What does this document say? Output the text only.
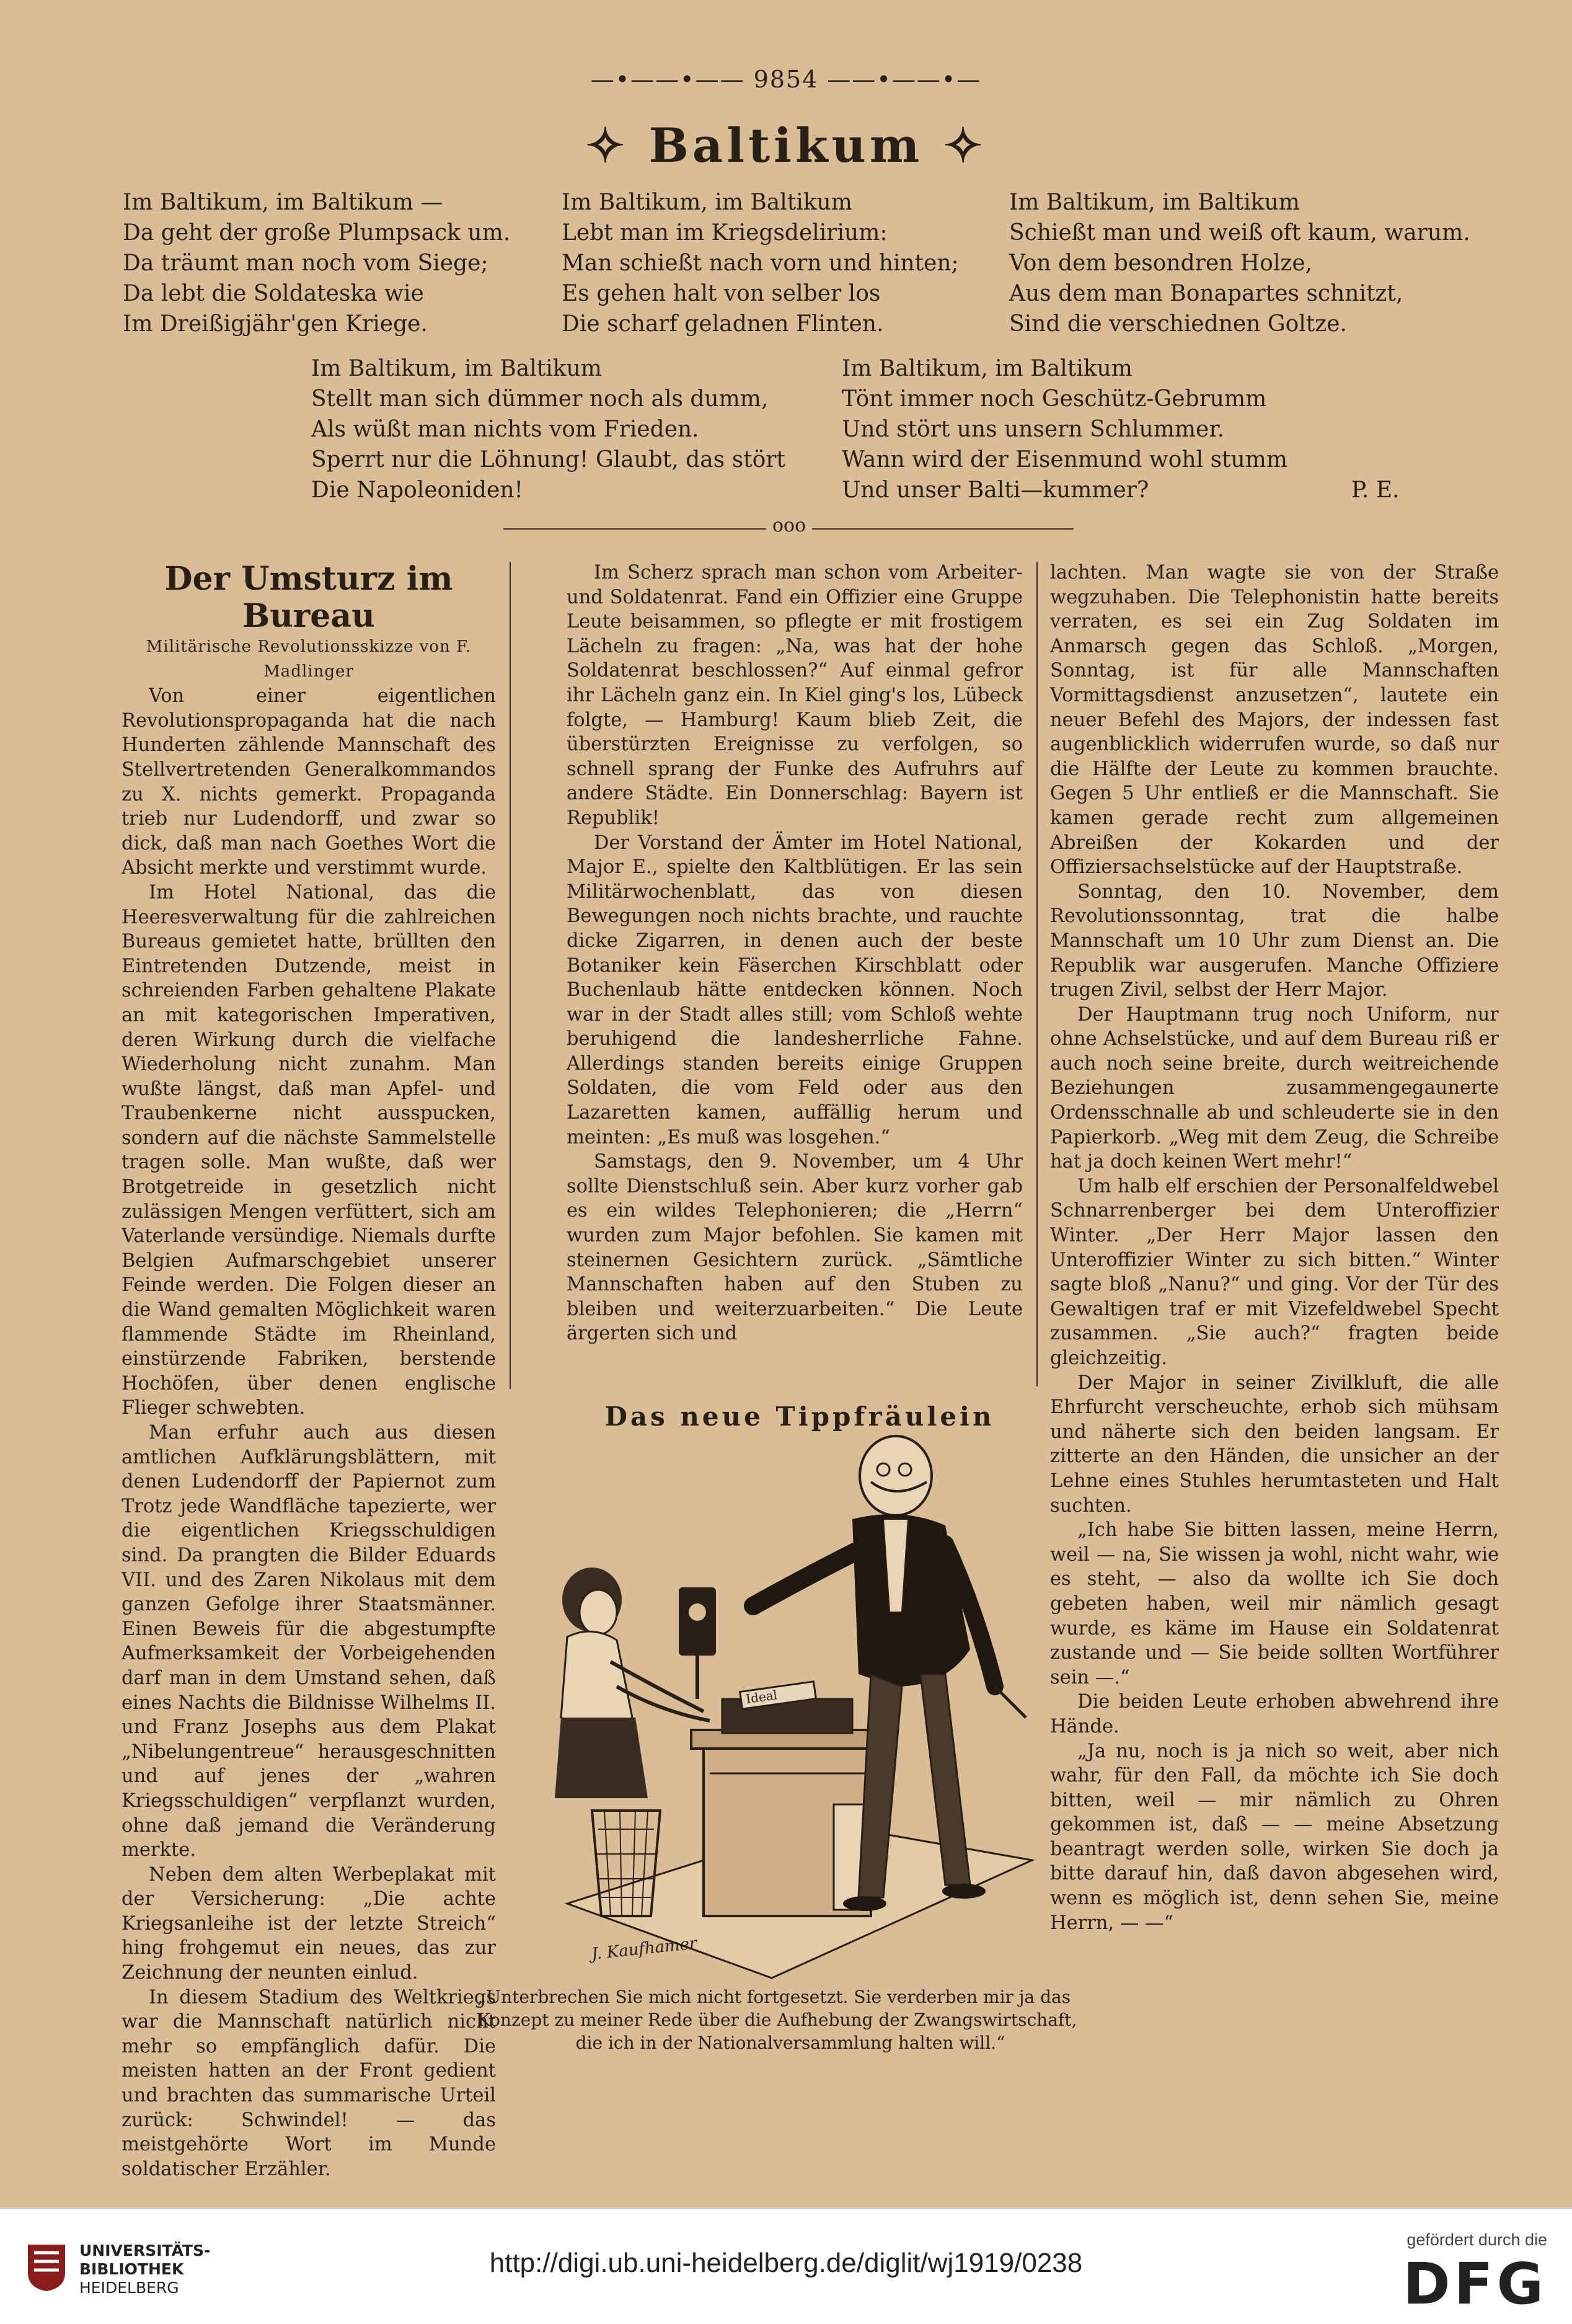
—•——•—— 9854 ——•——•—
✧ Baltikum ✧
Im Baltikum, im Baltikum —
Da geht der große Plumpsack um.
Da träumt man noch vom Siege;
Da lebt die Soldateska wie
Im Dreißigjähr'gen Kriege.
Im Baltikum, im Baltikum
Lebt man im Kriegsdelirium:
Man schießt nach vorn und hinten;
Es gehen halt von selber los
Die scharf geladnen Flinten.
Im Baltikum, im Baltikum
Schießt man und weiß oft kaum, warum.
Von dem besondren Holze,
Aus dem man Bonapartes schnitzt,
Sind die verschiednen Goltze.
Im Baltikum, im Baltikum
Stellt man sich dümmer noch als dumm,
Als wüßt man nichts vom Frieden.
Sperrt nur die Löhnung! Glaubt, das stört
Die Napoleoniden!
Im Baltikum, im Baltikum
Tönt immer noch Geschütz-Gebrumm
Und stört uns unsern Schlummer.
Wann wird der Eisenmund wohl stumm
Und unser Balti—kummer?	P. E.
ooo

Der Umsturz im Bureau

Militärische Revolutionsskizze von F. Madlinger

Von einer eigentlichen Revolutionspropaganda hat die nach Hunderten zählende Mannschaft des Stellvertretenden Generalkommandos zu X. nichts gemerkt. Propaganda trieb nur Ludendorff, und zwar so dick, daß man nach Goethes Wort die Absicht merkte und verstimmt wurde.

Im Hotel National, das die Heeresverwaltung für die zahlreichen Bureaus gemietet hatte, brüllten den Eintretenden Dutzende, meist in schreienden Farben gehaltene Plakate an mit kategorischen Imperativen, deren Wirkung durch die vielfache Wiederholung nicht zunahm. Man wußte längst, daß man Apfel- und Traubenkerne nicht ausspucken, sondern auf die nächste Sammelstelle tragen solle. Man wußte, daß wer Brotgetreide in gesetzlich nicht zulässigen Mengen verfüttert, sich am Vaterlande versündige. Niemals durfte Belgien Aufmarschgebiet unserer Feinde werden. Die Folgen dieser an die Wand gemalten Möglichkeit waren flammende Städte im Rheinland, einstürzende Fabriken, berstende Hochöfen, über denen englische Flieger schwebten.

Man erfuhr auch aus diesen amtlichen Aufklärungsblättern, mit denen Ludendorff der Papiernot zum Trotz jede Wandfläche tapezierte, wer die eigentlichen Kriegsschuldigen sind. Da prangten die Bilder Eduards VII. und des Zaren Nikolaus mit dem ganzen Gefolge ihrer Staatsmänner. Einen Beweis für die abgestumpfte Aufmerksamkeit der Vorbeigehenden darf man in dem Umstand sehen, daß eines Nachts die Bildnisse Wilhelms II. und Franz Josephs aus dem Plakat „Nibelungentreue“ herausgeschnitten und auf jenes der „wahren Kriegsschuldigen“ verpflanzt wurden, ohne daß jemand die Veränderung merkte.

Neben dem alten Werbeplakat mit der Versicherung: „Die achte Kriegsanleihe ist der letzte Streich“ hing frohgemut ein neues, das zur Zeichnung der neunten einlud.

In diesem Stadium des Weltkriegs war die Mannschaft natürlich nicht mehr so empfänglich dafür. Die meisten hatten an der Front gedient und brachten das summarische Urteil zurück: Schwindel! — das meistgehörte Wort im Munde soldatischer Erzähler.

Im Scherz sprach man schon vom Arbeiter- und Soldatenrat. Fand ein Offizier eine Gruppe Leute beisammen, so pflegte er mit frostigem Lächeln zu fragen: „Na, was hat der hohe Soldatenrat beschlossen?“ Auf einmal gefror ihr Lächeln ganz ein. In Kiel ging's los, Lübeck folgte, — Hamburg! Kaum blieb Zeit, die überstürzten Ereignisse zu verfolgen, so schnell sprang der Funke des Aufruhrs auf andere Städte. Ein Donnerschlag: Bayern ist Republik!

Der Vorstand der Ämter im Hotel National, Major E., spielte den Kaltblütigen. Er las sein Militärwochenblatt, das von diesen Bewegungen noch nichts brachte, und rauchte dicke Zigarren, in denen auch der beste Botaniker kein Fäserchen Kirschblatt oder Buchenlaub hätte entdecken können. Noch war in der Stadt alles still; vom Schloß wehte beruhigend die landesherrliche Fahne. Allerdings standen bereits einige Gruppen Soldaten, die vom Feld oder aus den Lazaretten kamen, auffällig herum und meinten: „Es muß was losgehen.“

Samstags, den 9. November, um 4 Uhr sollte Dienstschluß sein. Aber kurz vorher gab es ein wildes Telephonieren; die „Herrn“ wurden zum Major befohlen. Sie kamen mit steinernen Gesichtern zurück. „Sämtliche Mannschaften haben auf den Stuben zu bleiben und weiterzuarbeiten.“ Die Leute ärgerten sich und

lachten. Man wagte sie von der Straße wegzuhaben. Die Telephonistin hatte bereits verraten, es sei ein Zug Soldaten im Anmarsch gegen das Schloß. „Morgen, Sonntag, ist für alle Mannschaften Vormittagsdienst anzusetzen“, lautete ein neuer Befehl des Majors, der indessen fast augenblicklich widerrufen wurde, so daß nur die Hälfte der Leute zu kommen brauchte. Gegen 5 Uhr entließ er die Mannschaft. Sie kamen gerade recht zum allgemeinen Abreißen der Kokarden und der Offiziersachselstücke auf der Hauptstraße.

Sonntag, den 10. November, dem Revolutionssonntag, trat die halbe Mannschaft um 10 Uhr zum Dienst an. Die Republik war ausgerufen. Manche Offiziere trugen Zivil, selbst der Herr Major.

Der Hauptmann trug noch Uniform, nur ohne Achselstücke, und auf dem Bureau riß er auch noch seine breite, durch weitreichende Beziehungen zusammengegaunerte Ordensschnalle ab und schleuderte sie in den Papierkorb. „Weg mit dem Zeug, die Schreibe hat ja doch keinen Wert mehr!“

Um halb elf erschien der Personalfeldwebel Schnarrenberger bei dem Unteroffizier Winter. „Der Herr Major lassen den Unteroffizier Winter zu sich bitten.“ Winter sagte bloß „Nanu?“ und ging. Vor der Tür des Gewaltigen traf er mit Vizefeldwebel Specht zusammen. „Sie auch?“ fragten beide gleichzeitig.

Der Major in seiner Zivilkluft, die alle Ehrfurcht verscheuchte, erhob sich mühsam und näherte sich den beiden langsam. Er zitterte an den Händen, die unsicher an der Lehne eines Stuhles herumtasteten und Halt suchten.

„Ich habe Sie bitten lassen, meine Herrn, weil — na, Sie wissen ja wohl, nicht wahr, wie es steht, — also da wollte ich Sie doch gebeten haben, weil mir nämlich gesagt wurde, es käme im Hause ein Soldatenrat zustande und — Sie beide sollten Wortführer sein —.“

Die beiden Leute erhoben abwehrend ihre Hände.

„Ja nu, noch is ja nich so weit, aber nich wahr, für den Fall, da möchte ich Sie doch bitten, weil — mir nämlich zu Ohren gekommen ist, daß — — meine Absetzung beantragt werden solle, wirken Sie doch ja bitte darauf hin, daß davon abgesehen wird, wenn es möglich ist, denn sehen Sie, meine Herrn, — —“

Das neue Tippfräulein
Ideal
J. Kaufhamer
„Unterbrechen Sie mich nicht fortgesetzt. Sie verderben mir ja das
Konzept zu meiner Rede über die Aufhebung der Zwangswirtschaft,
die ich in der Nationalversammlung halten will.“
UNIVERSITÄTS-
BIBLIOTHEK
HEIDELBERG
http://digi.ub.uni-heidelberg.de/diglit/wj1919/0238
gefördert durch die
DFG
